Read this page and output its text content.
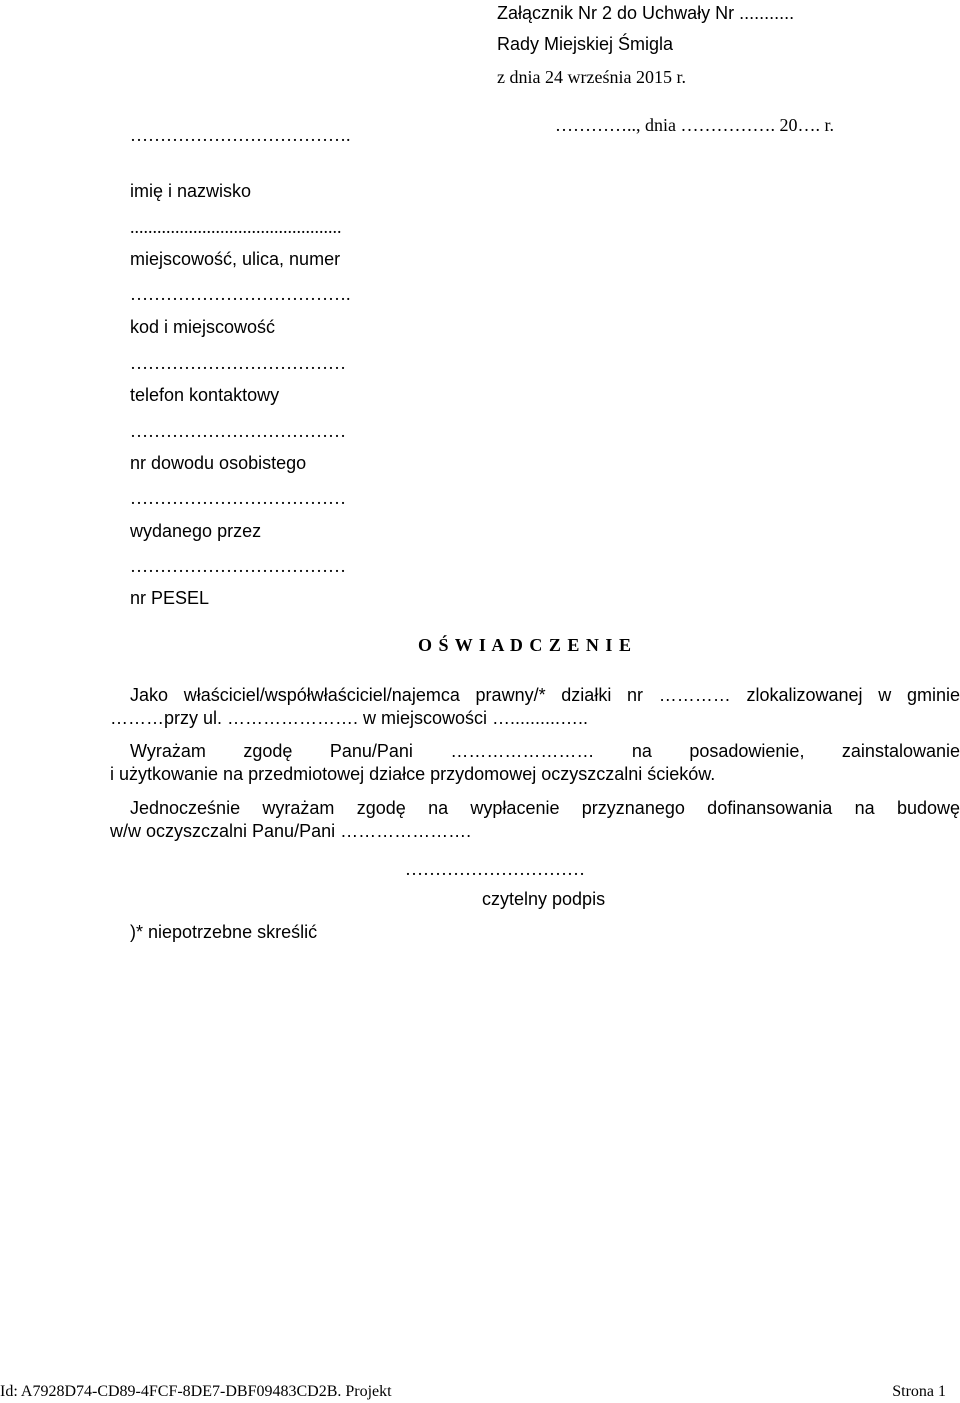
Załącznik Nr 2 do Uchwały Nr ...........
Rady Miejskiej Śmigla
z dnia 24 września 2015 r.
………….., dnia ……………. 20…. r.
……………………………….
imię i nazwisko
...............................................
miejscowość, ulica, numer
……………………………….
kod i miejscowość
………………………………
telefon kontaktowy
………………………………
nr dowodu osobistego
………………………………
wydanego przez
………………………………
nr PESEL
O Ś W I A D C Z E N I E
Jako właściciel/współwłaściciel/najemca prawny/* działki nr ………… zlokalizowanej w gminie
………przy ul. …………………. w miejscowości …..........…..
Wyrażam zgodę Panu/Pani …………………… na posadowienie, zainstalowanie
i użytkowanie na przedmiotowej działce przydomowej oczyszczalni ścieków.
Jednocześnie wyrażam zgodę na wypłacenie przyznanego dofinansowania na budowę
w/w oczyszczalni Panu/Pani ………………….
…………………………
czytelny podpis
)* niepotrzebne skreślić
Id: A7928D74-CD89-4FCF-8DE7-DBF09483CD2B. Projekt	Strona 1
